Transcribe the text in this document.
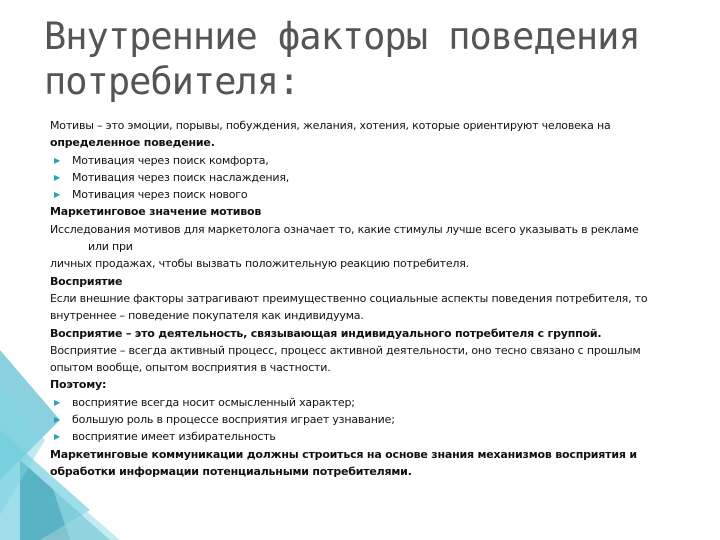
Внутренние факторы поведения потребителя:

Мотивы – это эмоции, порывы, побуждения, желания, хотения, которые ориентируют человека на

определенное поведение.

▶ Мотивация через поиск комфорта,

▶ Мотивация через поиск наслаждения,

▶ Мотивация через поиск нового

Маркетинговое значение мотивов

Исследования мотивов для маркетолога означает то, какие стимулы лучше всего указывать в рекламе

или при

личных продажах, чтобы вызвать положительную реакцию потребителя.

Восприятие

Если внешние факторы затрагивают преимущественно социальные аспекты поведения потребителя, то

внутреннее – поведение покупателя как индивидуума.

Восприятие – это деятельность, связывающая индивидуального потребителя с группой.

Восприятие – всегда активный процесс, процесс активной деятельности, оно тесно связано с прошлым

опытом вообще, опытом восприятия в частности.

Поэтому:

▶ восприятие всегда носит осмысленный характер;

▶ большую роль в процессе восприятия играет узнавание;

▶ восприятие имеет избирательность

Маркетинговые коммуникации должны строиться на основе знания механизмов восприятия и

обработки информации потенциальными потребителями.
